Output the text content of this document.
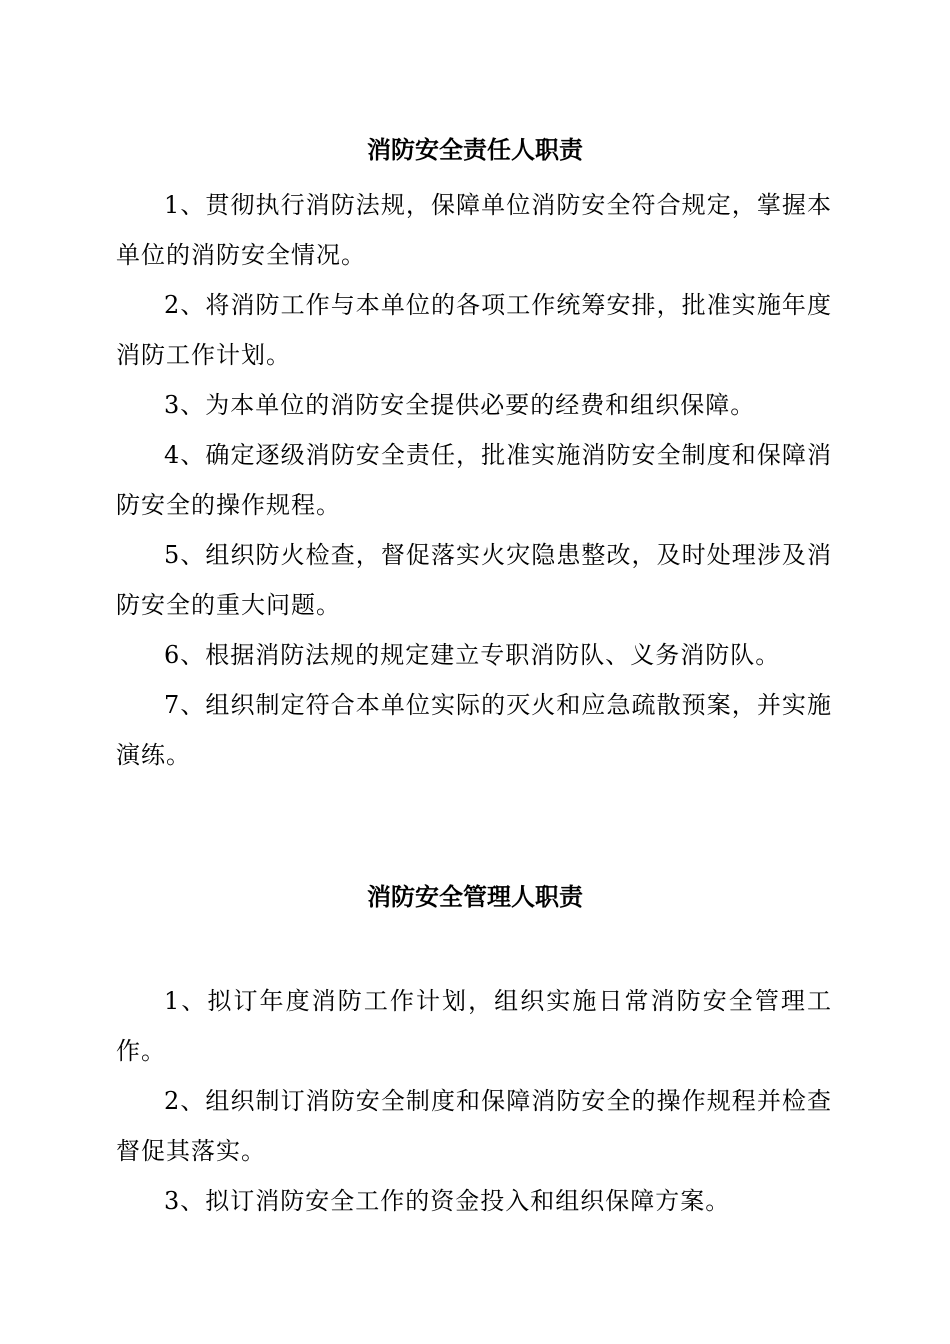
消防安全责任人职责

1、贯彻执行消防法规，保障单位消防安全符合规定，掌握本单位的消防安全情况。

2、将消防工作与本单位的各项工作统筹安排，批准实施年度消防工作计划。

3、为本单位的消防安全提供必要的经费和组织保障。

4、确定逐级消防安全责任，批准实施消防安全制度和保障消防安全的操作规程。

5、组织防火检查，督促落实火灾隐患整改，及时处理涉及消防安全的重大问题。

6、根据消防法规的规定建立专职消防队、义务消防队。

7、组织制定符合本单位实际的灭火和应急疏散预案，并实施演练。

消防安全管理人职责

1、拟订年度消防工作计划，组织实施日常消防安全管理工作。

2、组织制订消防安全制度和保障消防安全的操作规程并检查督促其落实。

3、拟订消防安全工作的资金投入和组织保障方案。
